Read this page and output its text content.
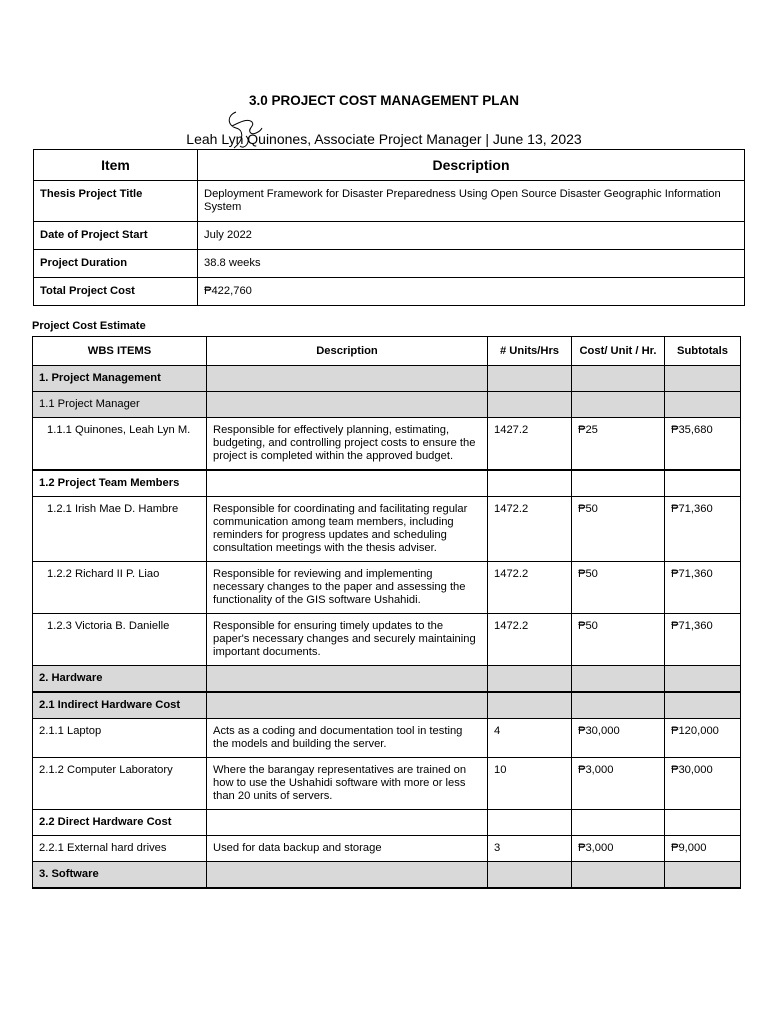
3.0 PROJECT COST MANAGEMENT PLAN
Leah Lyn Quinones, Associate Project Manager | June 13, 2023
Item	Description
Thesis Project Title	Deployment Framework for Disaster Preparedness Using Open Source Disaster Geographic Information System
Date of Project Start	July 2022
Project Duration	38.8 weeks
Total Project Cost	₱422,760
Project Cost Estimate
WBS ITEMS	Description	# Units/Hrs	Cost/ Unit / Hr.	Subtotals
1. Project Management				
1.1 Project Manager				
1.1.1 Quinones, Leah Lyn M.	Responsible for effectively planning, estimating, budgeting, and controlling project costs to ensure the project is completed within the approved budget.	1427.2	₱25	₱35,680
1.2 Project Team Members				
1.2.1 Irish Mae D. Hambre	Responsible for coordinating and facilitating regular communication among team members, including reminders for progress updates and scheduling consultation meetings with the thesis adviser.	1472.2	₱50	₱71,360
1.2.2 Richard II P. Liao	Responsible for reviewing and implementing necessary changes to the paper and assessing the functionality of the GIS software Ushahidi.	1472.2	₱50	₱71,360
1.2.3 Victoria B. Danielle	Responsible for ensuring timely updates to the paper's necessary changes and securely maintaining important documents.	1472.2	₱50	₱71,360
2. Hardware				
2.1 Indirect Hardware Cost				
2.1.1 Laptop	Acts as a coding and documentation tool in testing the models and building the server.	4	₱30,000	₱120,000
2.1.2 Computer Laboratory	Where the barangay representatives are trained on how to use the Ushahidi software with more or less than 20 units of servers.	10	₱3,000	₱30,000
2.2 Direct Hardware Cost				
2.2.1 External hard drives	Used for data backup and storage	3	₱3,000	₱9,000
3. Software				
